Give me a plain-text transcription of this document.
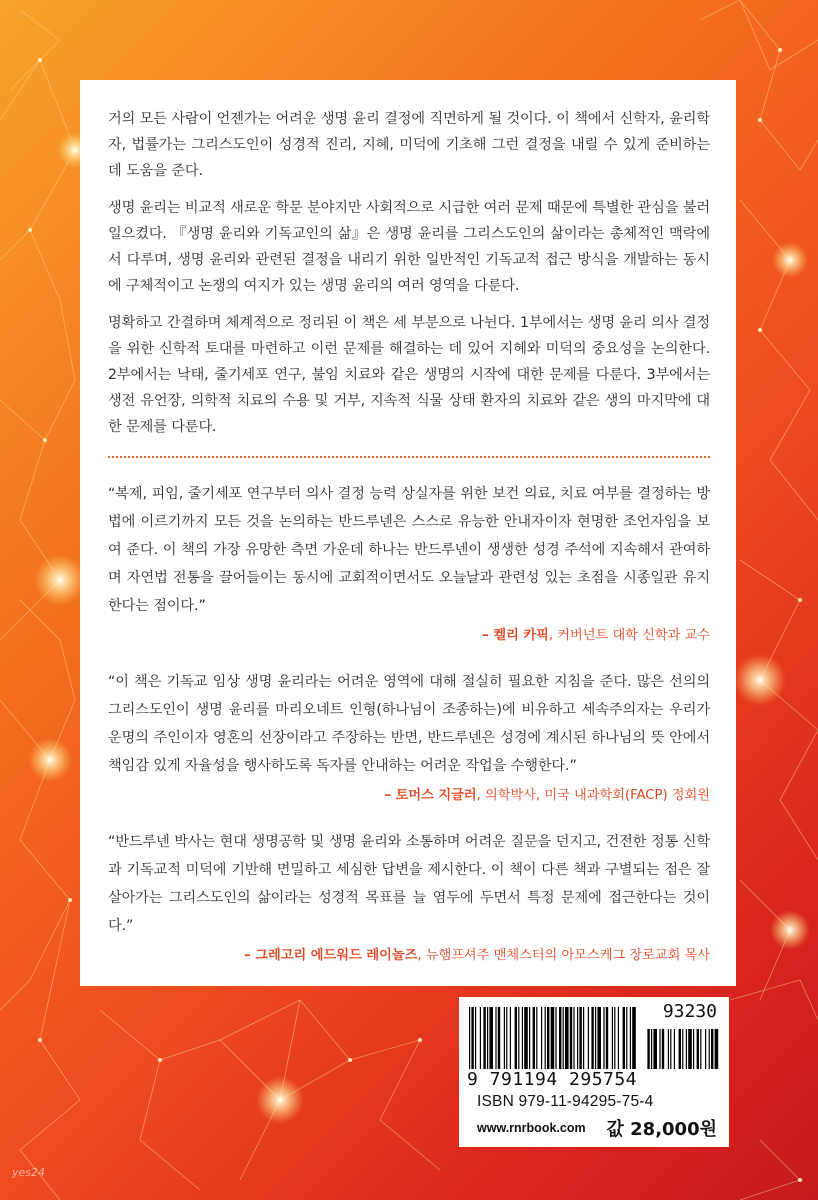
거의 모든 사람이 언젠가는 어려운 생명 윤리 결정에 직면하게 될 것이다. 이 책에서 신학자, 윤리학자, 법률가는 그리스도인이 성경적 진리, 지혜, 미덕에 기초해 그런 결정을 내릴 수 있게 준비하는 데 도움을 준다.

생명 윤리는 비교적 새로운 학문 분야지만 사회적으로 시급한 여러 문제 때문에 특별한 관심을 불러일으켰다. 『생명 윤리와 기독교인의 삶』은 생명 윤리를 그리스도인의 삶이라는 총체적인 맥락에서 다루며, 생명 윤리와 관련된 결정을 내리기 위한 일반적인 기독교적 접근 방식을 개발하는 동시에 구체적이고 논쟁의 여지가 있는 생명 윤리의 여러 영역을 다룬다.

명확하고 간결하며 체계적으로 정리된 이 책은 세 부분으로 나뉜다. 1부에서는 생명 윤리 의사 결정을 위한 신학적 토대를 마련하고 이런 문제를 해결하는 데 있어 지혜와 미덕의 중요성을 논의한다. 2부에서는 낙태, 줄기세포 연구, 불임 치료와 같은 생명의 시작에 대한 문제를 다룬다. 3부에서는 생전 유언장, 의학적 치료의 수용 및 거부, 지속적 식물 상태 환자의 치료와 같은 생의 마지막에 대한 문제를 다룬다.

“복제, 피임, 줄기세포 연구부터 의사 결정 능력 상실자를 위한 보건 의료, 치료 여부를 결정하는 방법에 이르기까지 모든 것을 논의하는 반드루넨은 스스로 유능한 안내자이자 현명한 조언자임을 보여 준다. 이 책의 가장 유망한 측면 가운데 하나는 반드루넨이 생생한 성경 주석에 지속해서 관여하며 자연법 전통을 끌어들이는 동시에 교회적이면서도 오늘날과 관련성 있는 초점을 시종일관 유지한다는 점이다.”

– 켈리 카픽, 커버넌트 대학 신학과 교수

“이 책은 기독교 임상 생명 윤리라는 어려운 영역에 대해 절실히 필요한 지침을 준다. 많은 선의의 그리스도인이 생명 윤리를 마리오네트 인형(하나님이 조종하는)에 비유하고 세속주의자는 우리가 운명의 주인이자 영혼의 선장이라고 주장하는 반면, 반드루넨은 성경에 계시된 하나님의 뜻 안에서 책임감 있게 자율성을 행사하도록 독자를 안내하는 어려운 작업을 수행한다.”

– 토머스 지글러, 의학박사, 미국 내과학회(FACP) 정회원

“반드루넨 박사는 현대 생명공학 및 생명 윤리와 소통하며 어려운 질문을 던지고, 건전한 정통 신학과 기독교적 미덕에 기반해 면밀하고 세심한 답변을 제시한다. 이 책이 다른 책과 구별되는 점은 잘 살아가는 그리스도인의 삶이라는 성경적 목표를 늘 염두에 두면서 특정 문제에 접근한다는 것이다.”

– 그레고리 에드워드 레이놀즈, 뉴햄프셔주 맨체스터의 아모스케그 장로교회 목사
9 791194 295754
93230
ISBN 979-11-94295-75-4
www.rnrbook.com 값 28,000원
yes24
